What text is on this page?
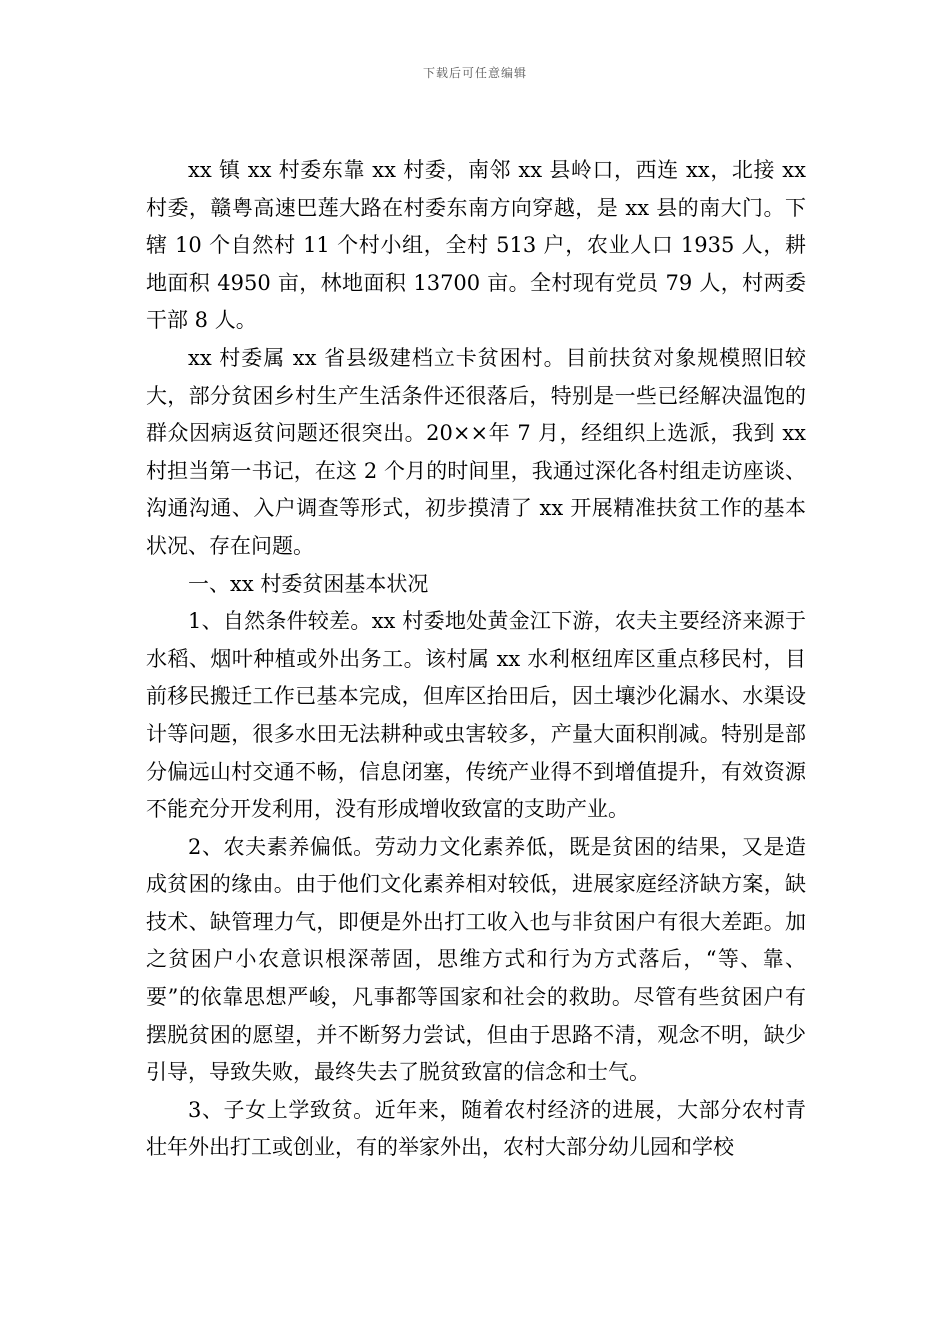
下载后可任意编辑

xx 镇 xx 村委东靠 xx 村委，南邻 xx 县岭口，西连 xx，北接 xx 村委，赣粤高速巴莲大路在村委东南方向穿越，是 xx 县的南大门。下辖 10 个自然村 11 个村小组，全村 513 户，农业人口 1935 人，耕地面积 4950 亩，林地面积 13700 亩。全村现有党员 79 人，村两委干部 8 人。

xx 村委属 xx 省县级建档立卡贫困村。目前扶贫对象规模照旧较大，部分贫困乡村生产生活条件还很落后，特别是一些已经解决温饱的群众因病返贫问题还很突出。20××年 7 月，经组织上选派，我到 xx 村担当第一书记，在这 2 个月的时间里，我通过深化各村组走访座谈、沟通沟通、入户调查等形式，初步摸清了 xx 开展精准扶贫工作的基本状况、存在问题。

一、xx 村委贫困基本状况

1、自然条件较差。xx 村委地处黄金江下游，农夫主要经济来源于水稻、烟叶种植或外出务工。该村属 xx 水利枢纽库区重点移民村，目前移民搬迁工作已基本完成，但库区抬田后，因土壤沙化漏水、水渠设计等问题，很多水田无法耕种或虫害较多，产量大面积削减。特别是部分偏远山村交通不畅，信息闭塞，传统产业得不到增值提升，有效资源不能充分开发利用，没有形成增收致富的支助产业。

2、农夫素养偏低。劳动力文化素养低，既是贫困的结果，又是造成贫困的缘由。由于他们文化素养相对较低，进展家庭经济缺方案，缺技术、缺管理力气，即便是外出打工收入也与非贫困户有很大差距。加之贫困户小农意识根深蒂固，思维方式和行为方式落后，“等、靠、要”的依靠思想严峻，凡事都等国家和社会的救助。尽管有些贫困户有摆脱贫困的愿望，并不断努力尝试，但由于思路不清，观念不明，缺少引导，导致失败，最终失去了脱贫致富的信念和士气。

3、子女上学致贫。近年来，随着农村经济的进展，大部分农村青壮年外出打工或创业，有的举家外出，农村大部分幼儿园和学校
